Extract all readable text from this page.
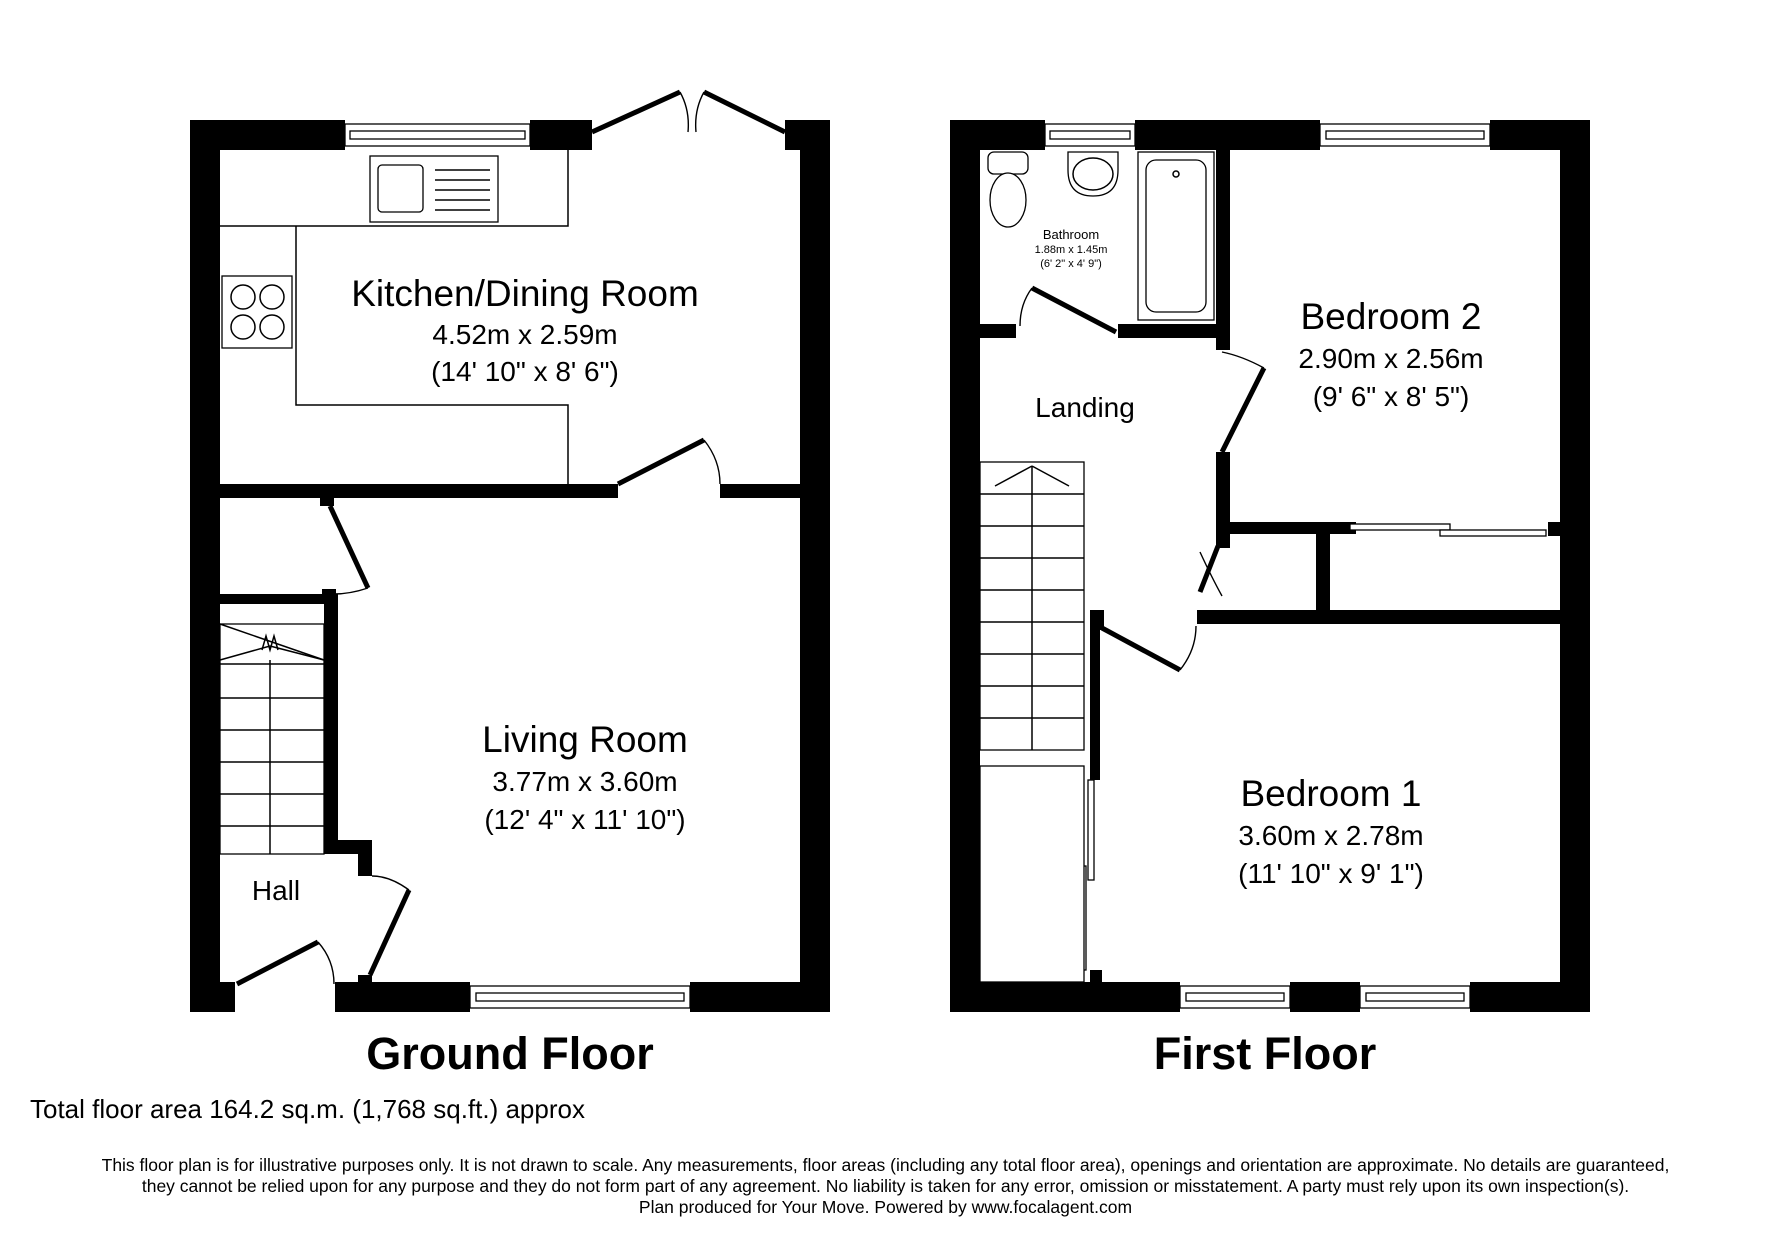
Kitchen/Dining Room
4.52m x 2.59m
(14' 10" x 8' 6")
Living Room
3.77m x 3.60m
(12' 4" x 11' 10")
Hall
Bathroom
1.88m x 1.45m
(6' 2" x 4' 9")
Landing
Bedroom 2
2.90m x 2.56m
(9' 6" x 8' 5")
Bedroom 1
3.60m x 2.78m
(11' 10" x 9' 1")
Ground Floor	First Floor
Total floor area 164.2 sq.m. (1,768 sq.ft.) approx
This floor plan is for illustrative purposes only. It is not drawn to scale. Any measurements, floor areas (including any total floor area), openings and orientation are approximate. No details are guaranteed,
they cannot be relied upon for any purpose and they do not form part of any agreement. No liability is taken for any error, omission or misstatement. A party must rely upon its own inspection(s).
Plan produced for Your Move. Powered by www.focalagent.com
